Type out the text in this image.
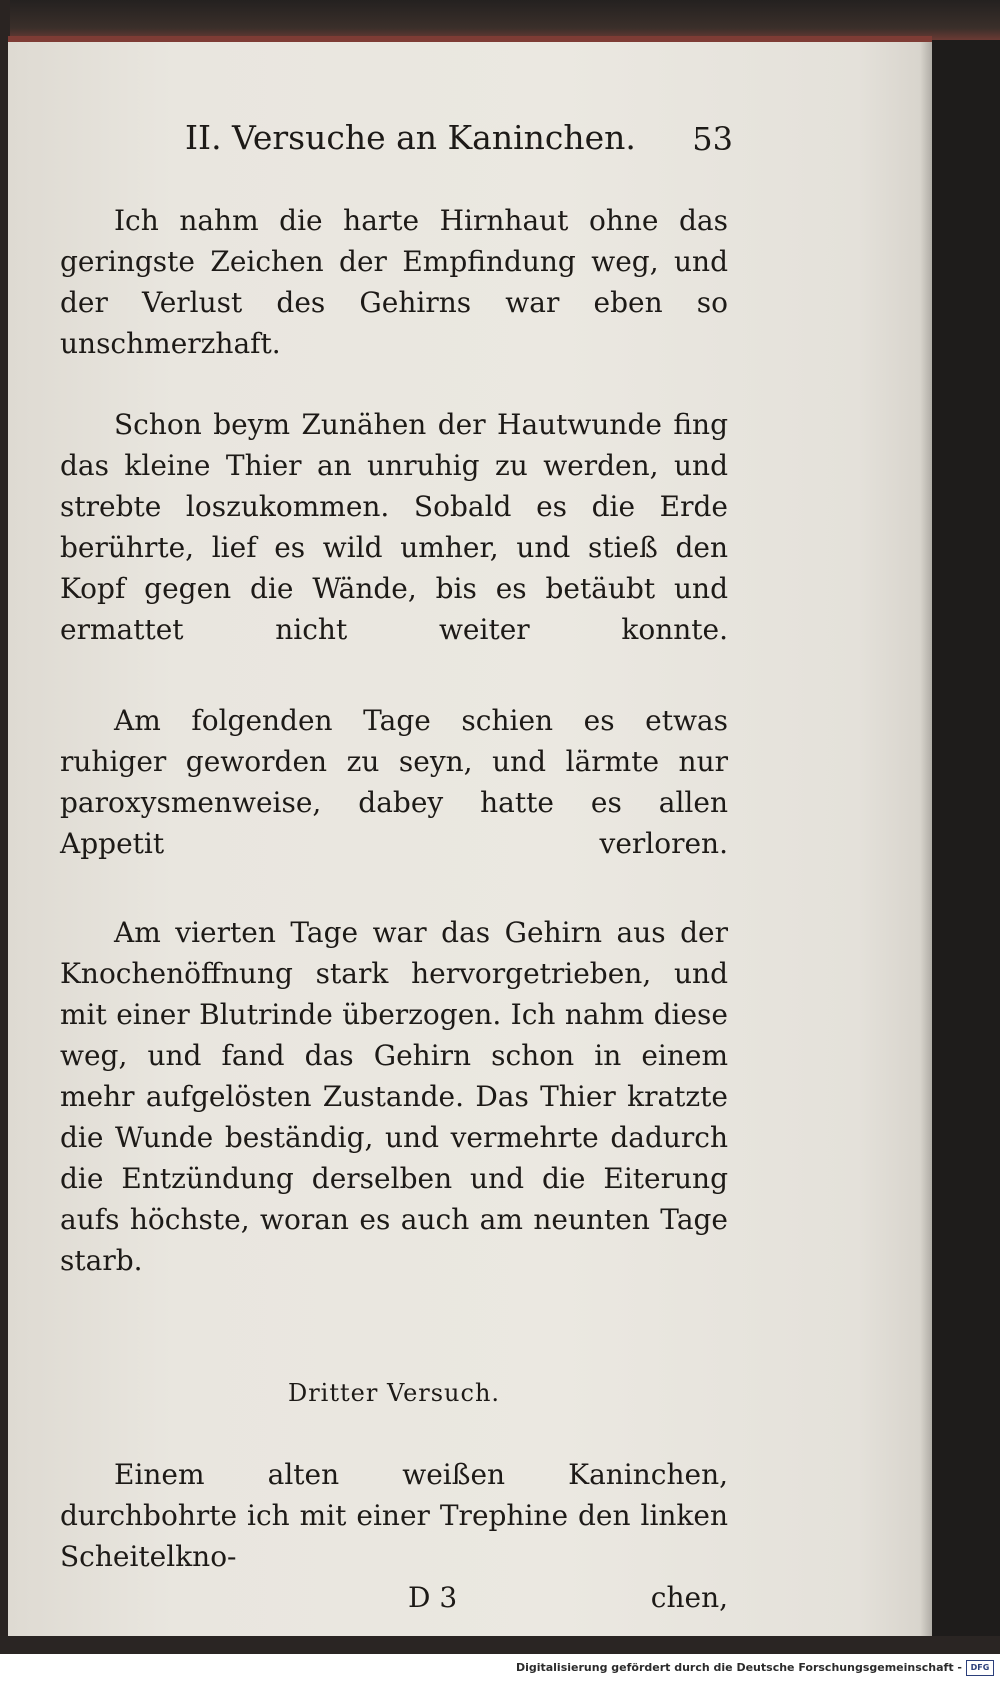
II. Versuche an Kaninchen. 53

Ich nahm die harte Hirnhaut ohne das geringste Zeichen der Empfindung weg, und der Verlust des Gehirns war eben so unschmerzhaft.

Schon beym Zunähen der Hautwunde fing das kleine Thier an unruhig zu werden, und strebte loszukommen. Sobald es die Erde berührte, lief es wild umher, und stieß den Kopf gegen die Wände, bis es betäubt und ermattet nicht weiter konnte.

Am folgenden Tage schien es etwas ruhiger geworden zu seyn, und lärmte nur paroxysmenweise, dabey hatte es allen Appetit verloren.

Am vierten Tage war das Gehirn aus der Knochenöffnung stark hervorgetrieben, und mit einer Blutrinde überzogen. Ich nahm diese weg, und fand das Gehirn schon in einem mehr aufgelösten Zustande. Das Thier kratzte die Wunde beständig, und vermehrte dadurch die Entzündung derselben und die Eiterung aufs höchste, woran es auch am neunten Tage starb.

Dritter Versuch.

Einem alten weißen Kaninchen, durchbohrte ich mit einer Trephine den linken Scheitelkno-

D 3	chen,
Digitalisierung gefördert durch die Deutsche Forschungsgemeinschaft -	DFG
